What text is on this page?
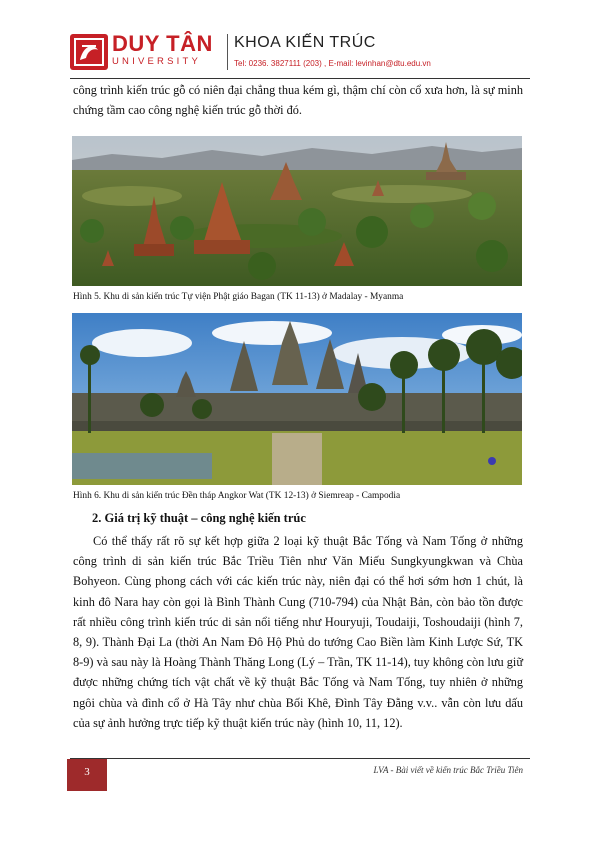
DUY TÂN
UNIVERSITY
KHOA KIẾN TRÚC
Tel: 0236. 3827111 (203) , E-mail: levinhan@dtu.edu.vn

công trình kiến trúc gỗ có niên đại chẳng thua kém gì, thậm chí còn cổ xưa hơn, là sự minh chứng tầm cao công nghệ kiến trúc gỗ thời đó.

Hình 5. Khu di sản kiến trúc Tự viện Phật giáo Bagan (TK 11-13) ở Madalay - Myanma
Hình 6. Khu di sản kiến trúc Đền tháp Angkor Wat (TK 12-13) ở Siemreap - Campodia
2. Giá trị kỹ thuật – công nghệ kiến trúc

Có thể thấy rất rõ sự kết hợp giữa 2 loại kỹ thuật Bắc Tống và Nam Tống ở những công trình di sản kiến trúc Bắc Triều Tiên như Văn Miếu Sungkyungkwan và Chùa Bohyeon. Cùng phong cách với các kiến trúc này, niên đại có thể hơi sớm hơn 1 chút, là kinh đô Nara hay còn gọi là Bình Thành Cung (710-794) của Nhật Bản, còn bảo tồn được rất nhiều công trình kiến trúc di sản nổi tiếng như Houryuji, Toudaiji, Toshoudaiji (hình 7, 8, 9). Thành Đại La (thời An Nam Đô Hộ Phủ do tướng Cao Biền làm Kinh Lược Sứ, TK 8-9) và sau này là Hoàng Thành Thăng Long (Lý – Trần, TK 11-14), tuy không còn lưu giữ được những chứng tích vật chất về kỹ thuật Bắc Tống và Nam Tống, tuy nhiên ở những ngôi chùa và đình cổ ở Hà Tây như chùa Bối Khê, Đình Tây Đằng v.v.. vẫn còn lưu dấu của sự ảnh hưởng trực tiếp kỹ thuật kiến trúc này (hình 10, 11, 12).

3	LVA - Bài viết về kiến trúc Bắc Triều Tiên
